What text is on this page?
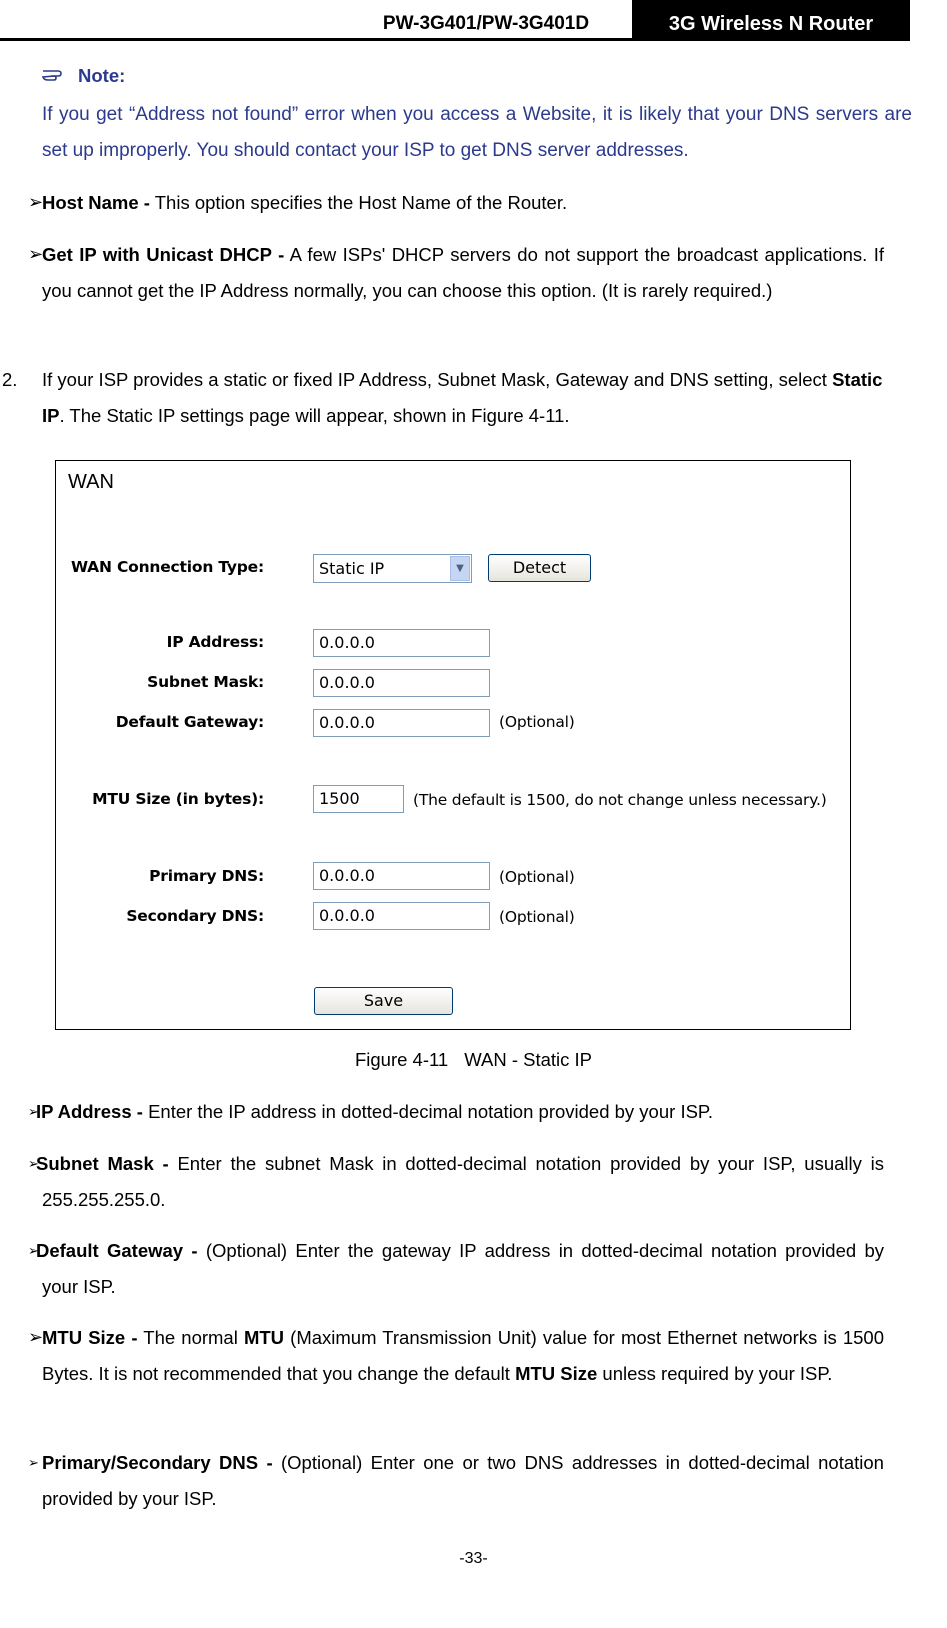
PW-3G401/PW-3G401D	3G Wireless N Router
Note:
If you get “Address not found” error when you access a Website, it is likely that your DNS servers are set up improperly. You should contact your ISP to get DNS server addresses.
➢
Host Name - This option specifies the Host Name of the Router.
➢
Get IP with Unicast DHCP - A few ISPs' DHCP servers do not support the broadcast applications. If you cannot get the IP Address normally, you can choose this option. (It is rarely required.)
2. If your ISP provides a static or fixed IP Address, Subnet Mask, Gateway and DNS setting, select Static IP. The Static IP settings page will appear, shown in Figure 4-11.
WAN
WAN Connection Type:	Static IP	▼	Detect
IP Address:	0.0.0.0
Subnet Mask:	0.0.0.0
Default Gateway:	0.0.0.0	(Optional)
MTU Size (in bytes):	1500	(The default is 1500, do not change unless necessary.)
Primary DNS:	0.0.0.0	(Optional)
Secondary DNS:	0.0.0.0	(Optional)
Save
Figure 4-11 WAN - Static IP
➢
IP Address - Enter the IP address in dotted-decimal notation provided by your ISP.
➢
Subnet Mask - Enter the subnet Mask in dotted-decimal notation provided by your ISP, usually is 255.255.255.0.
➢
Default Gateway - (Optional) Enter the gateway IP address in dotted-decimal notation provided by your ISP.
➢
MTU Size - The normal MTU (Maximum Transmission Unit) value for most Ethernet networks is 1500 Bytes. It is not recommended that you change the default MTU Size unless required by your ISP.
➢ Primary/Secondary DNS - (Optional) Enter one or two DNS addresses in dotted-decimal notation provided by your ISP.
-33-
